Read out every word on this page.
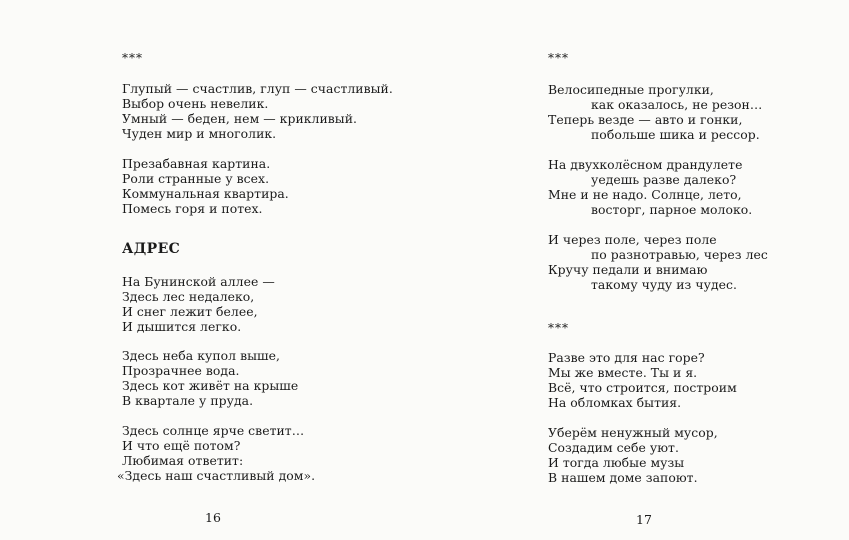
***
Глупый — счастлив, глуп — счастливый.
Выбор очень невелик.
Умный — беден, нем — крикливый.
Чуден мир и многолик.
Презабавная картина.
Роли странные у всех.
Коммунальная квартира.
Помесь горя и потех.
АДРЕС
На Бунинской аллее —
Здесь лес недалеко,
И снег лежит белее,
И дышится легко.
Здесь неба купол выше,
Прозрачнее вода.
Здесь кот живёт на крыше
В квартале у пруда.
Здесь солнце ярче светит…
И что ещё потом?
Любимая ответит:
«Здесь наш счастливый дом».
16
***
Велосипедные прогулки,
как оказалось, не резон…
Теперь везде — авто и гонки,
побольше шика и рессор.
На двухколёсном драндулете
уедешь разве далеко?
Мне и не надо. Солнце, лето,
восторг, парное молоко.
И через поле, через поле
по разнотравью, через лес
Кручу педали и внимаю
такому чуду из чудес.
***
Разве это для нас горе?
Мы же вместе. Ты и я.
Всё, что строится, построим
На обломках бытия.
Уберём ненужный мусор,
Создадим себе уют.
И тогда любые музы
В нашем доме запоют.
17
